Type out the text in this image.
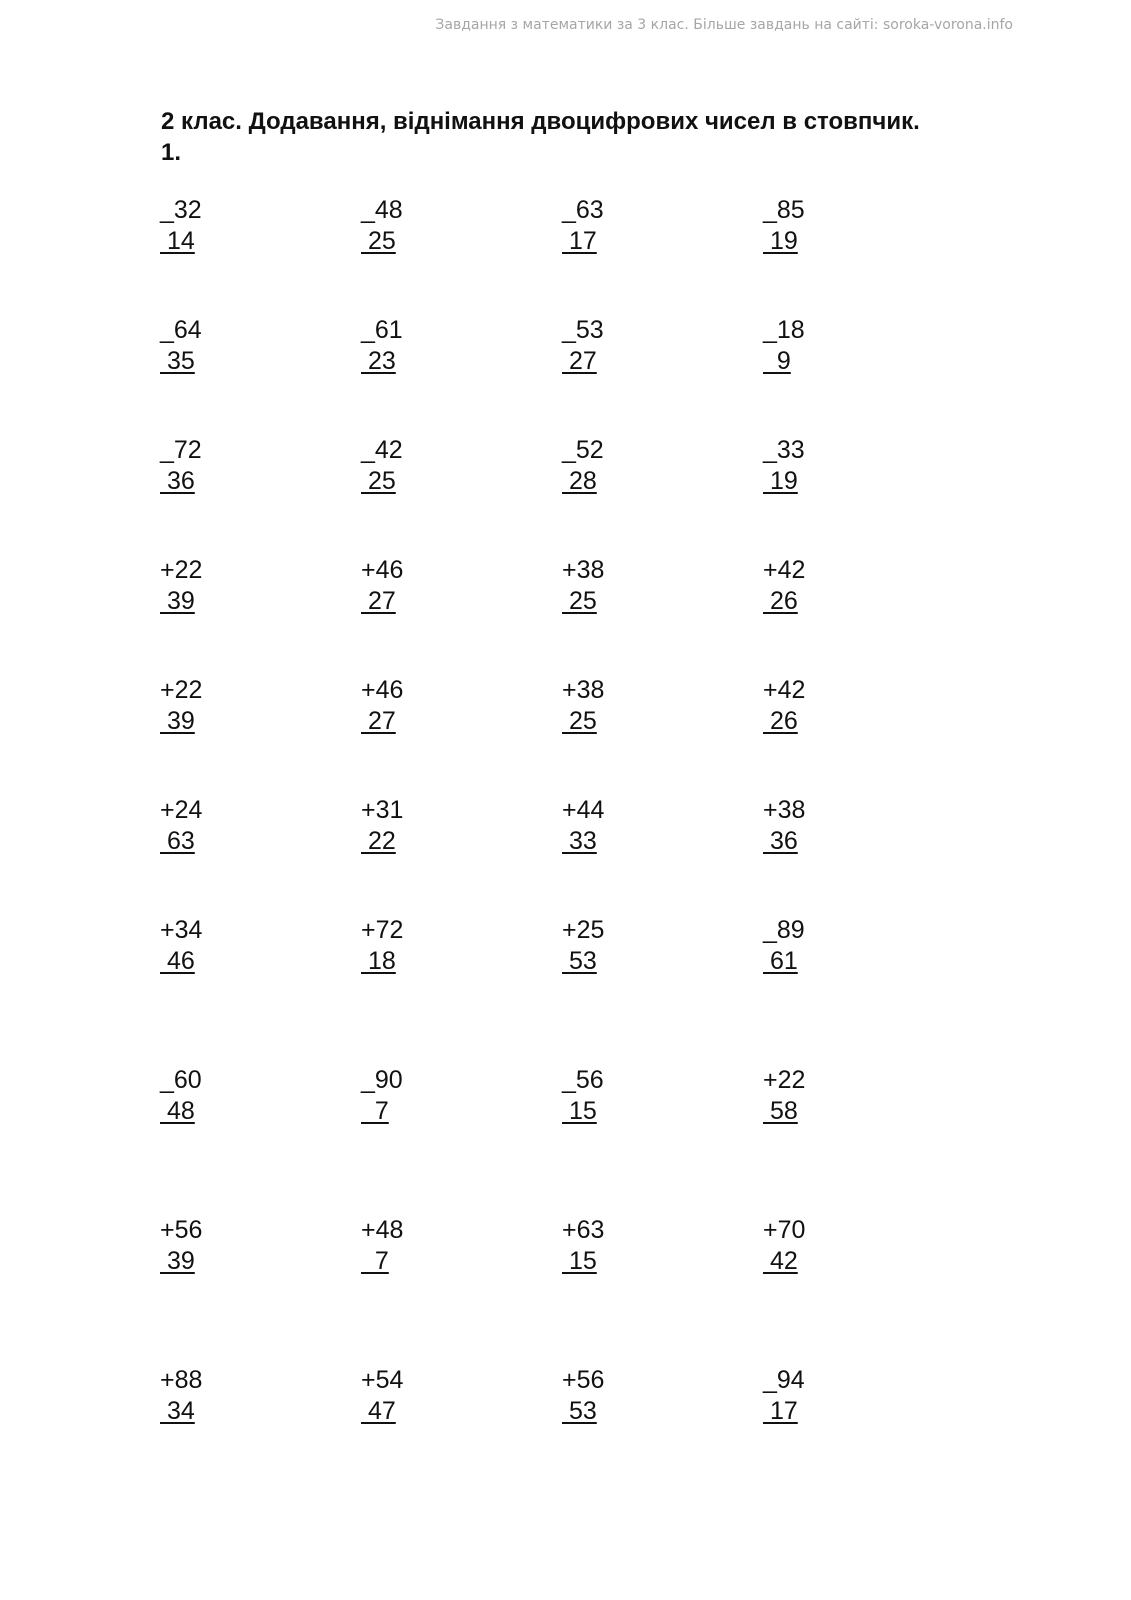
Завдання з математики за 3 клас. Більше завдань на сайті: soroka-vorona.info
2 клас. Додавання, віднімання двоцифрових чисел в стовпчик.
1.
_32
14
_48
25
_63
17
_85
19
_64
35
_61
23
_53
27
_18
9
_72
36
_42
25
_52
28
_33
19
+22
39
+46
27
+38
25
+42
26
+22
39
+46
27
+38
25
+42
26
+24
63
+31
22
+44
33
+38
36
+34
46
+72
18
+25
53
_89
61
_60
48
_90
7
_56
15
+22
58
+56
39
+48
7
+63
15
+70
42
+88
34
+54
47
+56
53
_94
17
